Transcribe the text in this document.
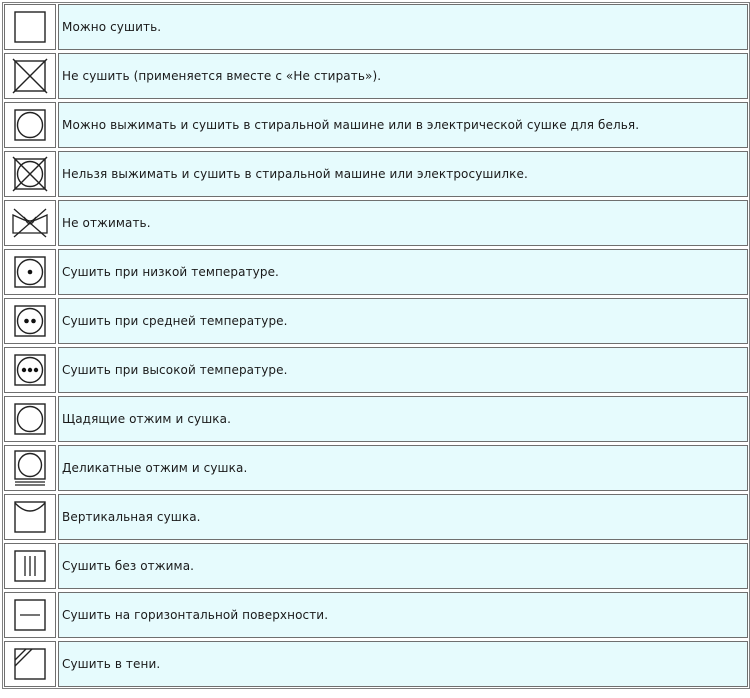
Можно сушить.
Не сушить (применяется вместе с «Не стирать»).
Можно выжимать и сушить в стиральной машине или в электрической сушке для белья.
Нельзя выжимать и сушить в стиральной машине или электросушилке.
Не отжимать.
Сушить при низкой температуре.
Сушить при средней температуре.
Сушить при высокой температуре.
Щадящие отжим и сушка.
Деликатные отжим и сушка.
Вертикальная сушка.
Сушить без отжима.
Сушить на горизонтальной поверхности.
Сушить в тени.
